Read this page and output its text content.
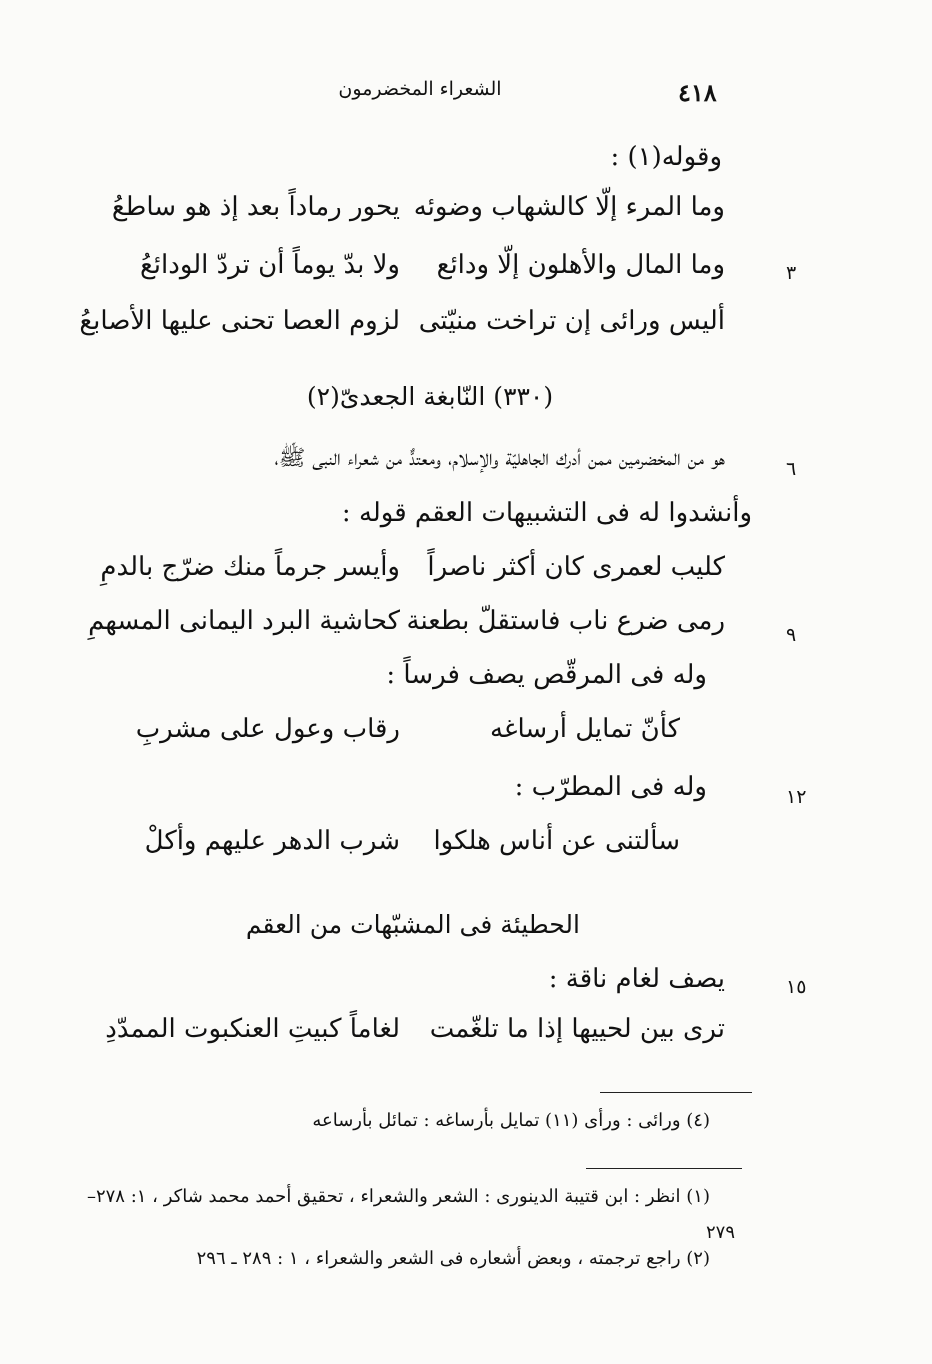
٤١٨
الشعراء المخضرمون
وقوله(١) :
وما المرء إلّا كالشهاب وضوئه
يحور رماداً بعد إذ هو ساطعُ
٣
وما المال والأهلون إلّا ودائع
ولا بدّ يوماً أن تردّ الودائعُ
أليس ورائى إن تراخت منيّتى
لزوم العصا تحنى عليها الأصابعُ
(٣٣٠) النّابغة الجعدىّ(٢)
٦
هو من المخضرمين ممن أدرك الجاهليّة والإسلام، ومعتدٌّ من شعراء النبى ﷺ،
وأنشدوا له فى التشبيهات العقم قوله :
كليب لعمرى كان أكثر ناصراً
وأيسر جرماً منك ضرّج بالدمِ
٩
رمى ضرع ناب فاستقلّ بطعنة
كحاشية البرد اليمانى المسهمِ
وله فى المرقّص يصف فرساً :
كأنّ تمايل أرساغه
رقاب وعول على مشربِ
١٢
وله فى المطرّب :
سألتنى عن أناس هلكوا
شرب الدهر عليهم وأكلْ
الحطيئة فى المشبّهات من العقم
١٥
يصف لغام ناقة :
ترى بين لحييها إذا ما تلغّمت
لغاماً كبيتِ العنكبوت الممدّدِ
(٤) ورائى : ورأى (١١) تمايل بأرساغه : تمائل بأرساعه
(١) انظر : ابن قتيبة الدينورى : الشعر والشعراء ، تحقيق أحمد محمد شاكر ، ١: ٢٧٨–
٢٧٩
(٢) راجع ترجمته ، وبعض أشعاره فى الشعر والشعراء ، ١ : ٢٨٩ ـ ٢٩٦
